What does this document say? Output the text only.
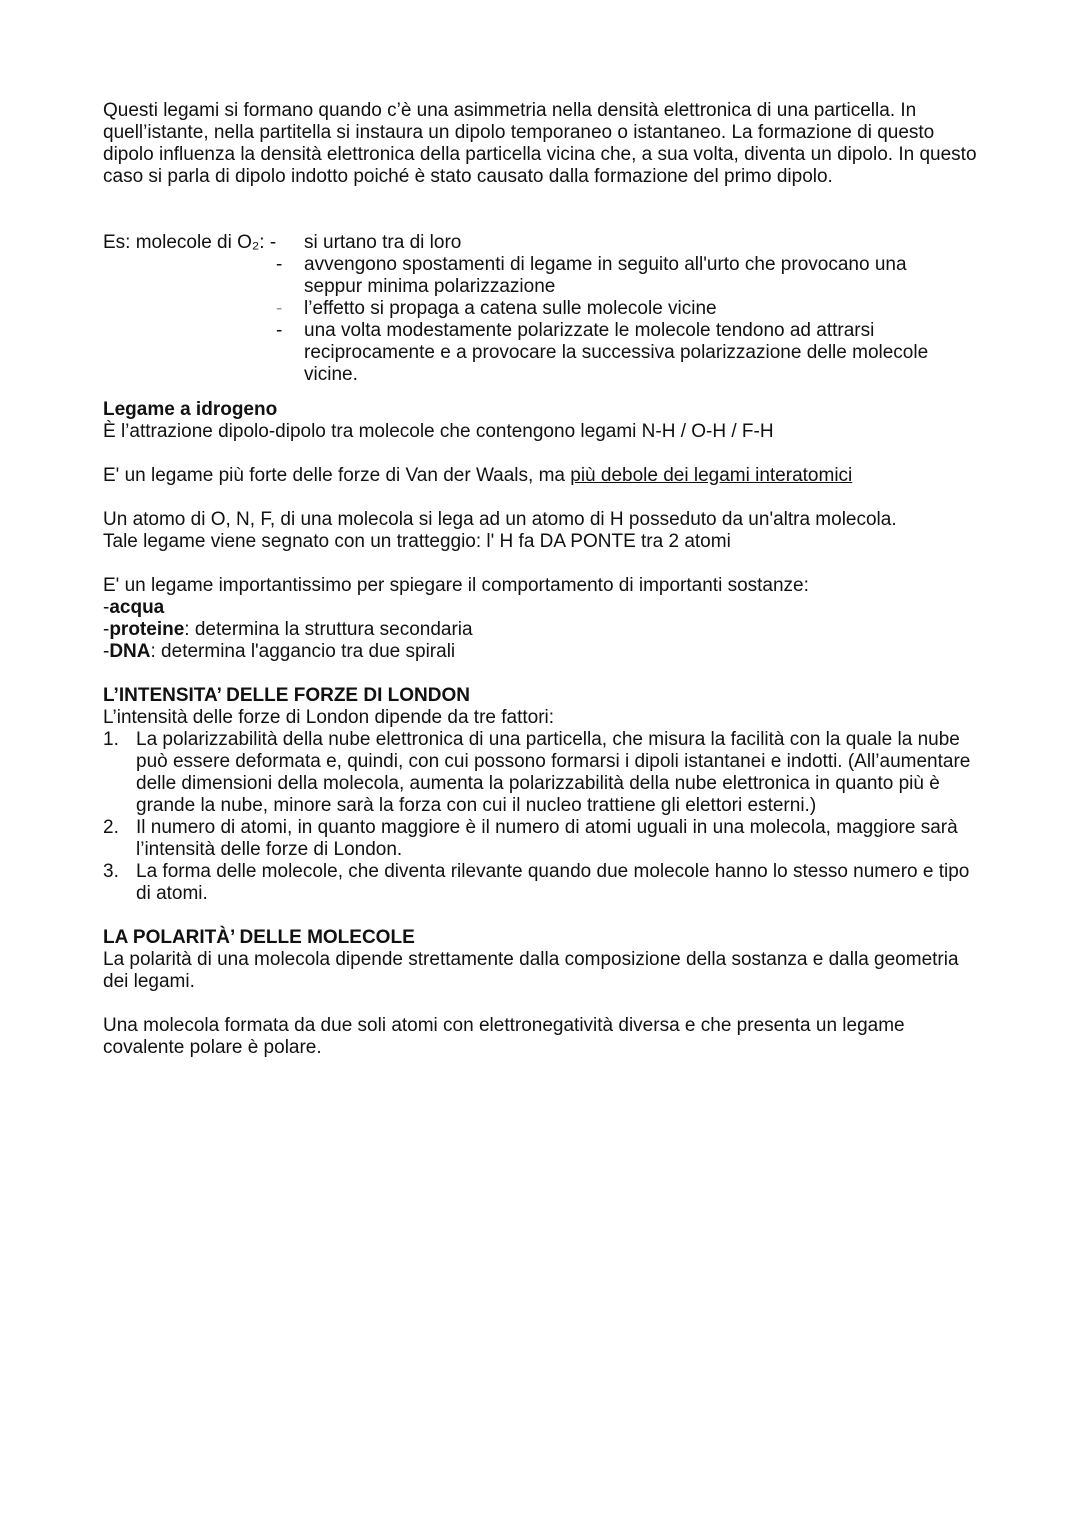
Questi legami si formano quando c’è una asimmetria nella densità elettronica di una particella. In quell’istante, nella partitella si instaura un dipolo temporaneo o istantaneo. La formazione di questo dipolo influenza la densità elettronica della particella vicina che, a sua volta, diventa un dipolo. In questo caso si parla di dipolo indotto poiché è stato causato dalla formazione del primo dipolo.

Es: molecole di O₂: - si urtano tra di loro
-	avvengono spostamenti di legame in seguito all'urto che provocano una seppur minima polarizzazione
-	l’effetto si propaga a catena sulle molecole vicine
-	una volta modestamente polarizzate le molecole tendono ad attrarsi reciprocamente e a provocare la successiva polarizzazione delle molecole vicine.

Legame a idrogeno

È l’attrazione dipolo-dipolo tra molecole che contengono legami N-H / O-H / F-H

E' un legame più forte delle forze di Van der Waals, ma più debole dei legami interatomici

Un atomo di O, N, F, di una molecola si lega ad un atomo di H posseduto da un'altra molecola.

Tale legame viene segnato con un tratteggio: l' H fa DA PONTE tra 2 atomi

E' un legame importantissimo per spiegare il comportamento di importanti sostanze:

-acqua

-proteine: determina la struttura secondaria

-DNA: determina l'aggancio tra due spirali

L’INTENSITA’ DELLE FORZE DI LONDON

L’intensità delle forze di London dipende da tre fattori:

1. La polarizzabilità della nube elettronica di una particella, che misura la facilità con la quale la nube può essere deformata e, quindi, con cui possono formarsi i dipoli istantanei e indotti. (All’aumentare delle dimensioni della molecola, aumenta la polarizzabilità della nube elettronica in quanto più è grande la nube, minore sarà la forza con cui il nucleo trattiene gli elettori esterni.)
2. Il numero di atomi, in quanto maggiore è il numero di atomi uguali in una molecola, maggiore sarà l’intensità delle forze di London.
3. La forma delle molecole, che diventa rilevante quando due molecole hanno lo stesso numero e tipo di atomi.

LA POLARITÀ’ DELLE MOLECOLE

La polarità di una molecola dipende strettamente dalla composizione della sostanza e dalla geometria dei legami.

Una molecola formata da due soli atomi con elettronegatività diversa e che presenta un legame covalente polare è polare.
